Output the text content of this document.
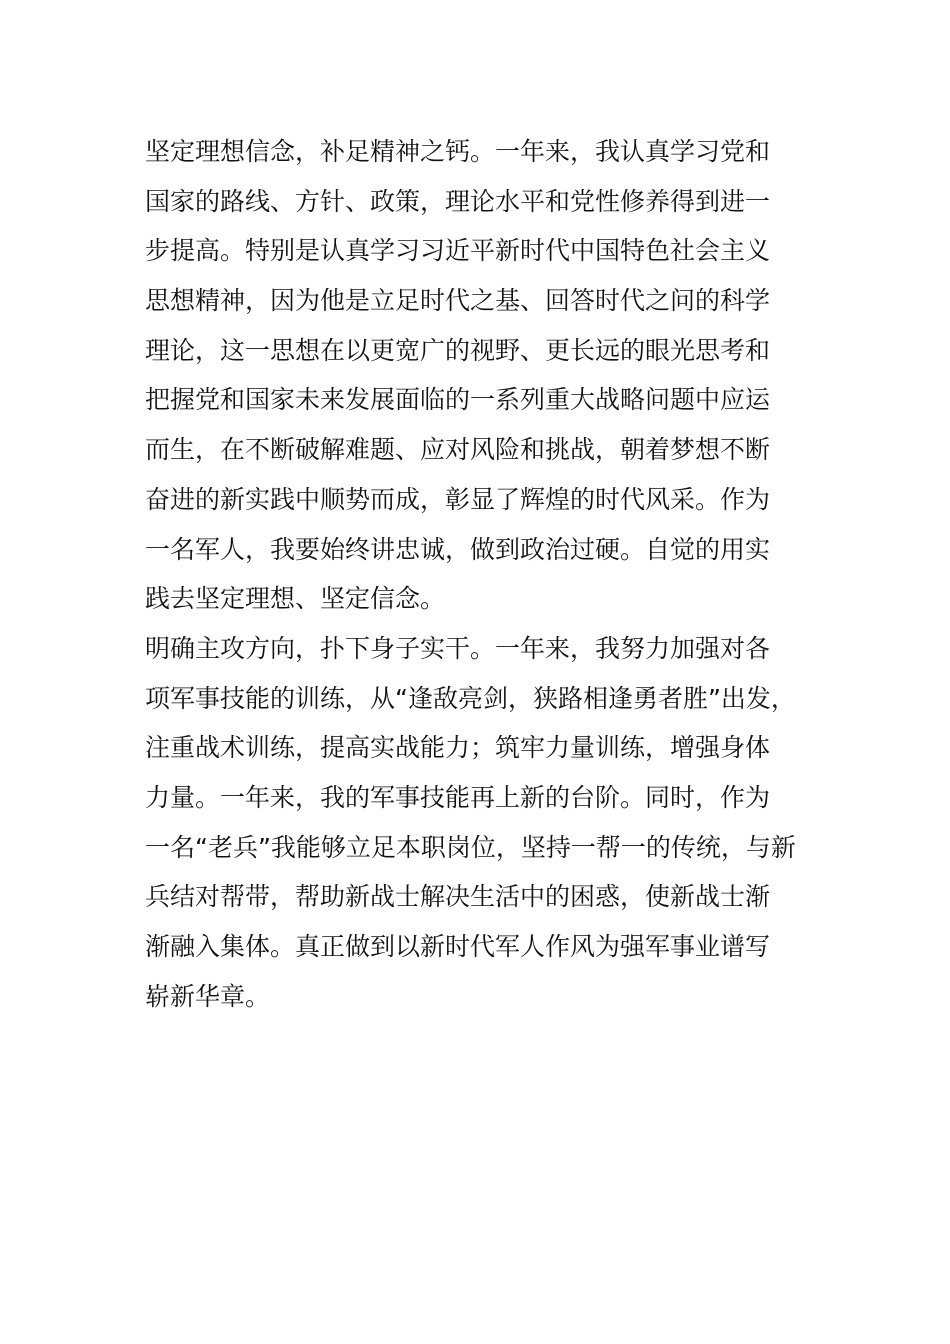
坚定理想信念，补足精神之钙。一年来，我认真学习党和
国家的路线、方针、政策，理论水平和党性修养得到进一
步提高。特别是认真学习习近平新时代中国特色社会主义
思想精神，因为他是立足时代之基、回答时代之问的科学
理论，这一思想在以更宽广的视野、更长远的眼光思考和
把握党和国家未来发展面临的一系列重大战略问题中应运
而生，在不断破解难题、应对风险和挑战，朝着梦想不断
奋进的新实践中顺势而成，彰显了辉煌的时代风采。作为
一名军人，我要始终讲忠诚，做到政治过硬。自觉的用实
践去坚定理想、坚定信念。
明确主攻方向，扑下身子实干。一年来，我努力加强对各
项军事技能的训练，从“逢敌亮剑，狭路相逢勇者胜”出发，
注重战术训练，提高实战能力；筑牢力量训练，增强身体
力量。一年来，我的军事技能再上新的台阶。同时，作为
一名“老兵”我能够立足本职岗位，坚持一帮一的传统，与新
兵结对帮带，帮助新战士解决生活中的困惑，使新战士渐
渐融入集体。真正做到以新时代军人作风为强军事业谱写
崭新华章。
